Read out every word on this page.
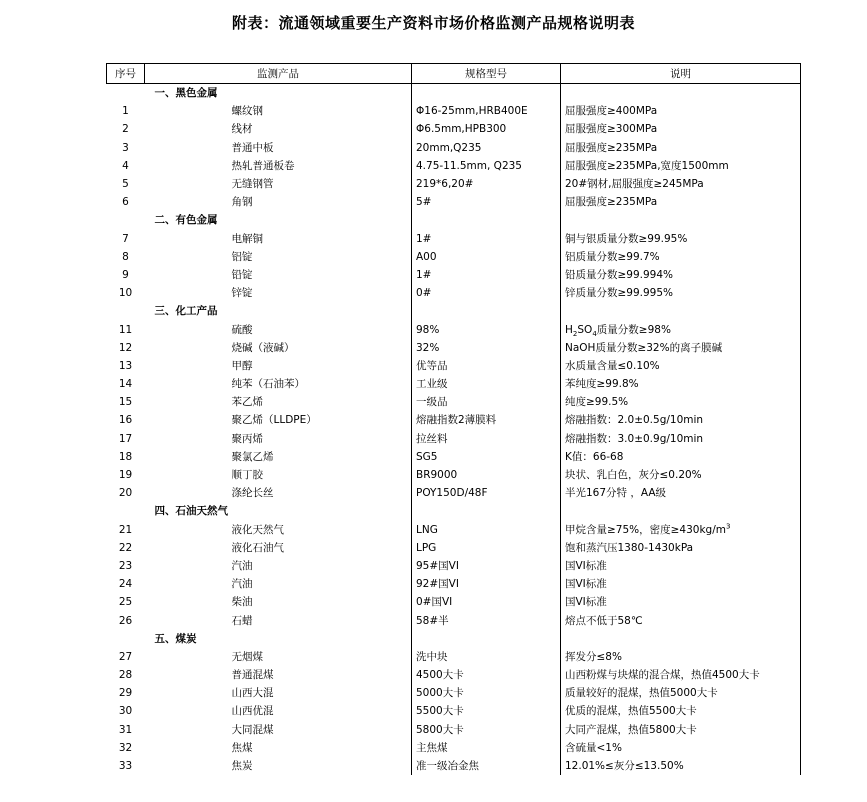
附表：流通领域重要生产资料市场价格监测产品规格说明表
序号	监测产品	规格型号	说明
	一、黑色金属		
1	螺纹钢	Φ16-25mm,HRB400E	屈服强度≥400MPa
2	线材	Φ6.5mm,HPB300	屈服强度≥300MPa
3	普通中板	20mm,Q235	屈服强度≥235MPa
4	热轧普通板卷	4.75-11.5mm, Q235	屈服强度≥235MPa,宽度1500mm
5	无缝钢管	219*6,20#	20#钢材,屈服强度≥245MPa
6	角钢	5#	屈服强度≥235MPa
	二、有色金属		
7	电解铜	1#	铜与银质量分数≥99.95%
8	铝锭	A00	铝质量分数≥99.7%
9	铅锭	1#	铅质量分数≥99.994%
10	锌锭	0#	锌质量分数≥99.995%
	三、化工产品		
11	硫酸	98%	$H_2SO_4$质量分数≥98%
12	烧碱（液碱）	32%	NaOH质量分数≥32%的离子膜碱
13	甲醇	优等品	水质量含量≤0.10%
14	纯苯（石油苯）	工业级	苯纯度≥99.8%
15	苯乙烯	一级品	纯度≥99.5%
16	聚乙烯（LLDPE）	熔融指数2薄膜料	熔融指数：2.0±0.5g/10min
17	聚丙烯	拉丝料	熔融指数：3.0±0.9g/10min
18	聚氯乙烯	SG5	K值：66-68
19	顺丁胶	BR9000	块状、乳白色，灰分≤0.20%
20	涤纶长丝	POY150D/48F	半光167分特 ，AA级
	四、石油天然气		
21	液化天然气	LNG	甲烷含量≥75%，密度$\ge 430kg/m^3$
22	液化石油气	LPG	饱和蒸汽压1380-1430kPa
23	汽油	95#国VI	国VI标准
24	汽油	92#国VI	国VI标准
25	柴油	0#国VI	国VI标准
26	石蜡	58#半	熔点不低于58℃
	五、煤炭		
27	无烟煤	洗中块	挥发分≤8%
28	普通混煤	4500大卡	山西粉煤与块煤的混合煤，热值4500大卡
29	山西大混	5000大卡	质量较好的混煤，热值5000大卡
30	山西优混	5500大卡	优质的混煤，热值5500大卡
31	大同混煤	5800大卡	大同产混煤，热值5800大卡
32	焦煤	主焦煤	含硫量<1%
33	焦炭	准一级冶金焦	12.01%≤灰分≤13.50%
